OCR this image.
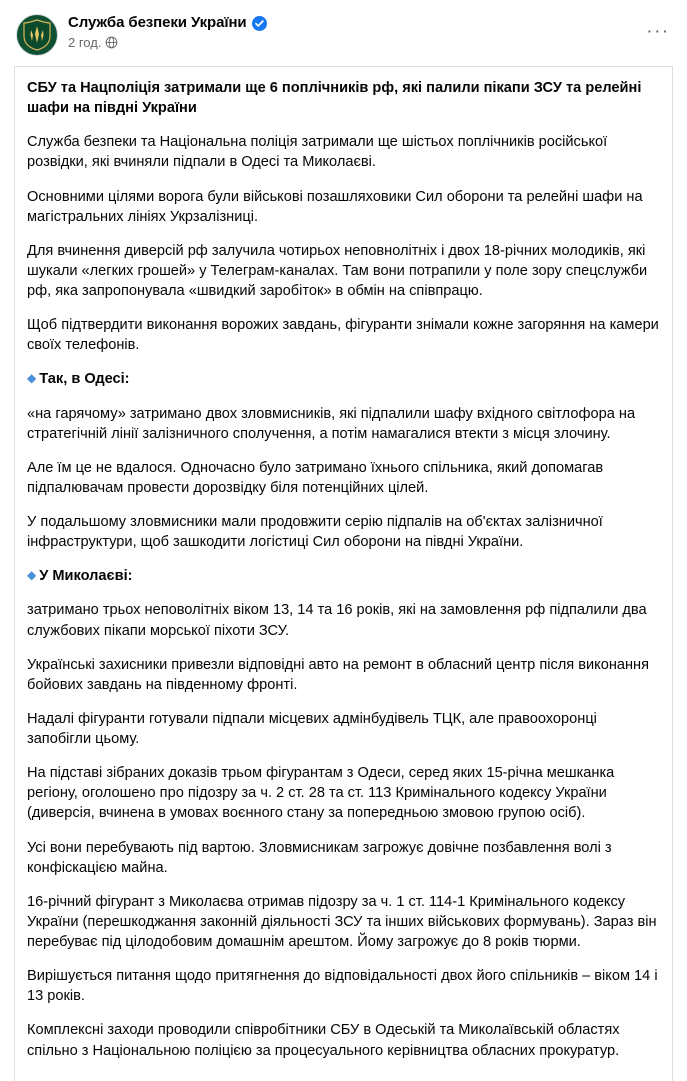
Служба безпеки України
2 год.	···

СБУ та Нацполіція затримали ще 6 поплічників рф, які палили пікапи ЗСУ та релейні шафи на півдні України

Служба безпеки та Національна поліція затримали ще шістьох поплічників російської розвідки, які вчиняли підпали в Одесі та Миколаєві.

Основними цілями ворога були військові позашляховики Сил оборони та релейні шафи на магістральних лініях Укрзалізниці.

Для вчинення диверсій рф залучила чотирьох неповнолітніх і двох 18-річних молодиків, які шукали «легких грошей» у Телеграм-каналах. Там вони потрапили у поле зору спецслужби рф, яка запропонувала «швидкий заробіток» в обмін на співпрацю.

Щоб підтвердити виконання ворожих завдань, фігуранти знімали кожне загоряння на камери своїх телефонів.

◆ Так, в Одесі:

«на гарячому» затримано двох зловмисників, які підпалили шафу вхідного світлофора на стратегічній лінії залізничного сполучення, а потім намагалися втекти з місця злочину.

Але їм це не вдалося. Одночасно було затримано їхнього спільника, який допомагав підпалювачам провести дорозвідку біля потенційних цілей.

У подальшому зловмисники мали продовжити серію підпалів на об'єктах залізничної інфраструктури, щоб зашкодити логістиці Сил оборони на півдні України.

◆ У Миколаєві:

затримано трьох неповолітніх віком 13, 14 та 16 років, які на замовлення рф підпалили два службових пікапи морської піхоти ЗСУ.

Українські захисники привезли відповідні авто на ремонт в обласний центр після виконання бойових завдань на південному фронті.

Надалі фігуранти готували підпали місцевих адмінбудівель ТЦК, але правоохоронці запобігли цьому.

На підставі зібраних доказів трьом фігурантам з Одеси, серед яких 15-річна мешканка регіону, оголошено про підозру за ч. 2 ст. 28 та ст. 113 Кримінального кодексу України (диверсія, вчинена в умовах воєнного стану за попередньою змовою групою осіб).

Усі вони перебувають під вартою. Зловмисникам загрожує довічне позбавлення волі з конфіскацією майна.

16-річний фігурант з Миколаєва отримав підозру за ч. 1 ст. 114-1 Кримінального кодексу України (перешкоджання законній діяльності ЗСУ та інших військових формувань). Зараз він перебуває під цілодобовим домашнім арештом. Йому загрожує до 8 років тюрми.

Вирішується питання щодо притягнення до відповідальності двох його спільників – віком 14 і 13 років.

Комплексні заходи проводили співробітники СБУ в Одеській та Миколаївській областях спільно з Національною поліцією за процесуального керівництва обласних прокуратур.
